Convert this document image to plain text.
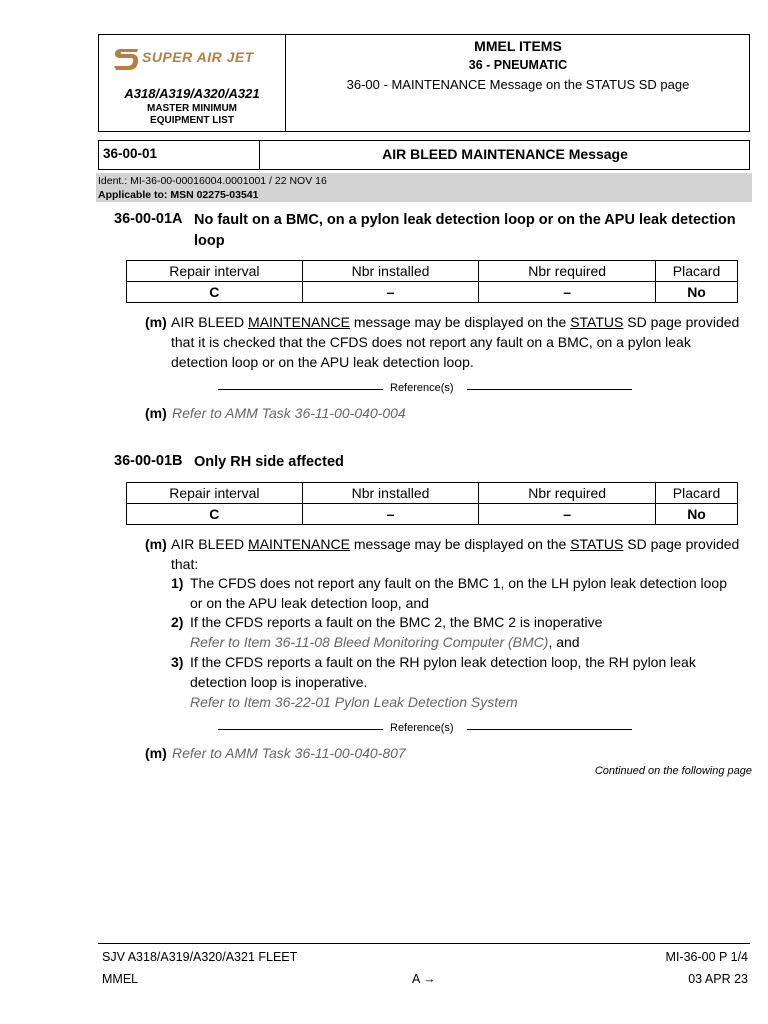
SUPER AIR JET
A318/A319/A320/A321
MASTER MINIMUM
EQUIPMENT LIST
MMEL ITEMS
36 - PNEUMATIC
36-00 - MAINTENANCE Message on the STATUS SD page
36-00-01	AIR BLEED MAINTENANCE Message
Ident.: MI-36-00-00016004.0001001 / 22 NOV 16
Applicable to: MSN 02275-03541
36-00-01A No fault on a BMC, on a pylon leak detection loop or on the APU leak detection
loop
Repair interval	Nbr installed	Nbr required	Placard
C	–	–	No
(m) AIR BLEED MAINTENANCE message may be displayed on the STATUS SD page provided
that it is checked that the CFDS does not report any fault on a BMC, on a pylon leak
detection loop or on the APU leak detection loop.
Reference(s)
(m) Refer to AMM Task 36-11-00-040-004
36-00-01B Only RH side affected
Repair interval	Nbr installed	Nbr required	Placard
C	–	–	No
(m) AIR BLEED MAINTENANCE message may be displayed on the STATUS SD page provided
that:
1) The CFDS does not report any fault on the BMC 1, on the LH pylon leak detection loop
or on the APU leak detection loop, and
2) If the CFDS reports a fault on the BMC 2, the BMC 2 is inoperative
Refer to Item 36-11-08 Bleed Monitoring Computer (BMC), and
3) If the CFDS reports a fault on the RH pylon leak detection loop, the RH pylon leak
detection loop is inoperative.
Refer to Item 36-22-01 Pylon Leak Detection System
Reference(s)
(m) Refer to AMM Task 36-11-00-040-807
Continued on the following page
SJV A318/A319/A320/A321 FLEET
MMEL	A →
MI-36-00 P 1/4
03 APR 23
